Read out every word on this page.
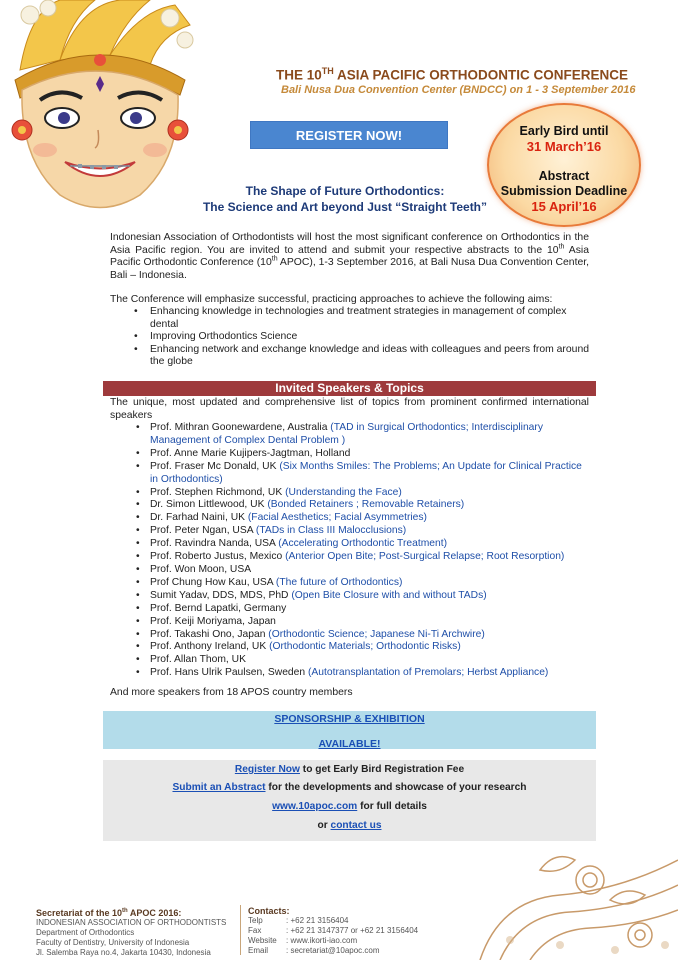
THE 10TH ASIA PACIFIC ORTHODONTIC CONFERENCE
Bali Nusa Dua Convention Center (BNDCC) on 1 - 3 September 2016
REGISTER NOW!	Early Bird until
31 March’16
Abstract
Submission Deadline
15 April’16
The Shape of Future Orthodontics:
The Science and Art beyond Just “Straight Teeth”
Indonesian Association of Orthodontists will host the most significant conference on Orthodontics in the Asia Pacific region. You are invited to attend and submit your respective abstracts to the 10th Asia Pacific Orthodontic Conference (10th APOC), 1-3 September 2016, at Bali Nusa Dua Convention Center, Bali – Indonesia.
The Conference will emphasize successful, practicing approaches to achieve the following aims:
• Enhancing knowledge in technologies and treatment strategies in management of complex dental
• Improving Orthodontics Science
• Enhancing network and exchange knowledge and ideas with colleagues and peers from around the globe
Invited Speakers & Topics
The unique, most updated and comprehensive list of topics from prominent confirmed international speakers
• Prof. Mithran Goonewardene, Australia (TAD in Surgical Orthodontics; Interdisciplinary Management of Complex Dental Problem )
• Prof. Anne Marie Kujipers-Jagtman, Holland
• Prof. Fraser Mc Donald, UK (Six Months Smiles: The Problems; An Update for Clinical Practice in Orthodontics)
• Prof. Stephen Richmond, UK (Understanding the Face)
• Dr. Simon Littlewood, UK (Bonded Retainers ; Removable Retainers)
• Dr. Farhad Naini, UK (Facial Aesthetics; Facial Asymmetries)
• Prof. Peter Ngan, USA (TADs in Class III Malocclusions)
• Prof. Ravindra Nanda, USA (Accelerating Orthodontic Treatment)
• Prof. Roberto Justus, Mexico (Anterior Open Bite; Post-Surgical Relapse; Root Resorption)
• Prof. Won Moon, USA
• Prof Chung How Kau, USA (The future of Orthodontics)
• Sumit Yadav, DDS, MDS, PhD (Open Bite Closure with and without TADs)
• Prof. Bernd Lapatki, Germany
• Prof. Keiji Moriyama, Japan
• Prof. Takashi Ono, Japan (Orthodontic Science; Japanese Ni-Ti Archwire)
• Prof. Anthony Ireland, UK (Orthodontic Materials; Orthodontic Risks)
• Prof. Allan Thom, UK
• Prof. Hans Ulrik Paulsen, Sweden (Autotransplantation of Premolars; Herbst Appliance)
And more speakers from 18 APOS country members
SPONSORSHIP & EXHIBITION
AVAILABLE!
Register Now to get Early Bird Registration Fee
Submit an Abstract for the developments and showcase of your research
www.10apoc.com for full details
or contact us
Secretariat of the 10th APOC 2016:
INDONESIAN ASSOCIATION OF ORTHODONTISTS
Department of Orthodontics
Faculty of Dentistry, University of Indonesia
Jl. Salemba Raya no.4, Jakarta 10430, Indonesia
Contacts:
Telp	: +62 21 3156404
Fax	: +62 21 3147377 or +62 21 3156404
Website : www.ikorti-iao.com
Email : secretariat@10apoc.com
